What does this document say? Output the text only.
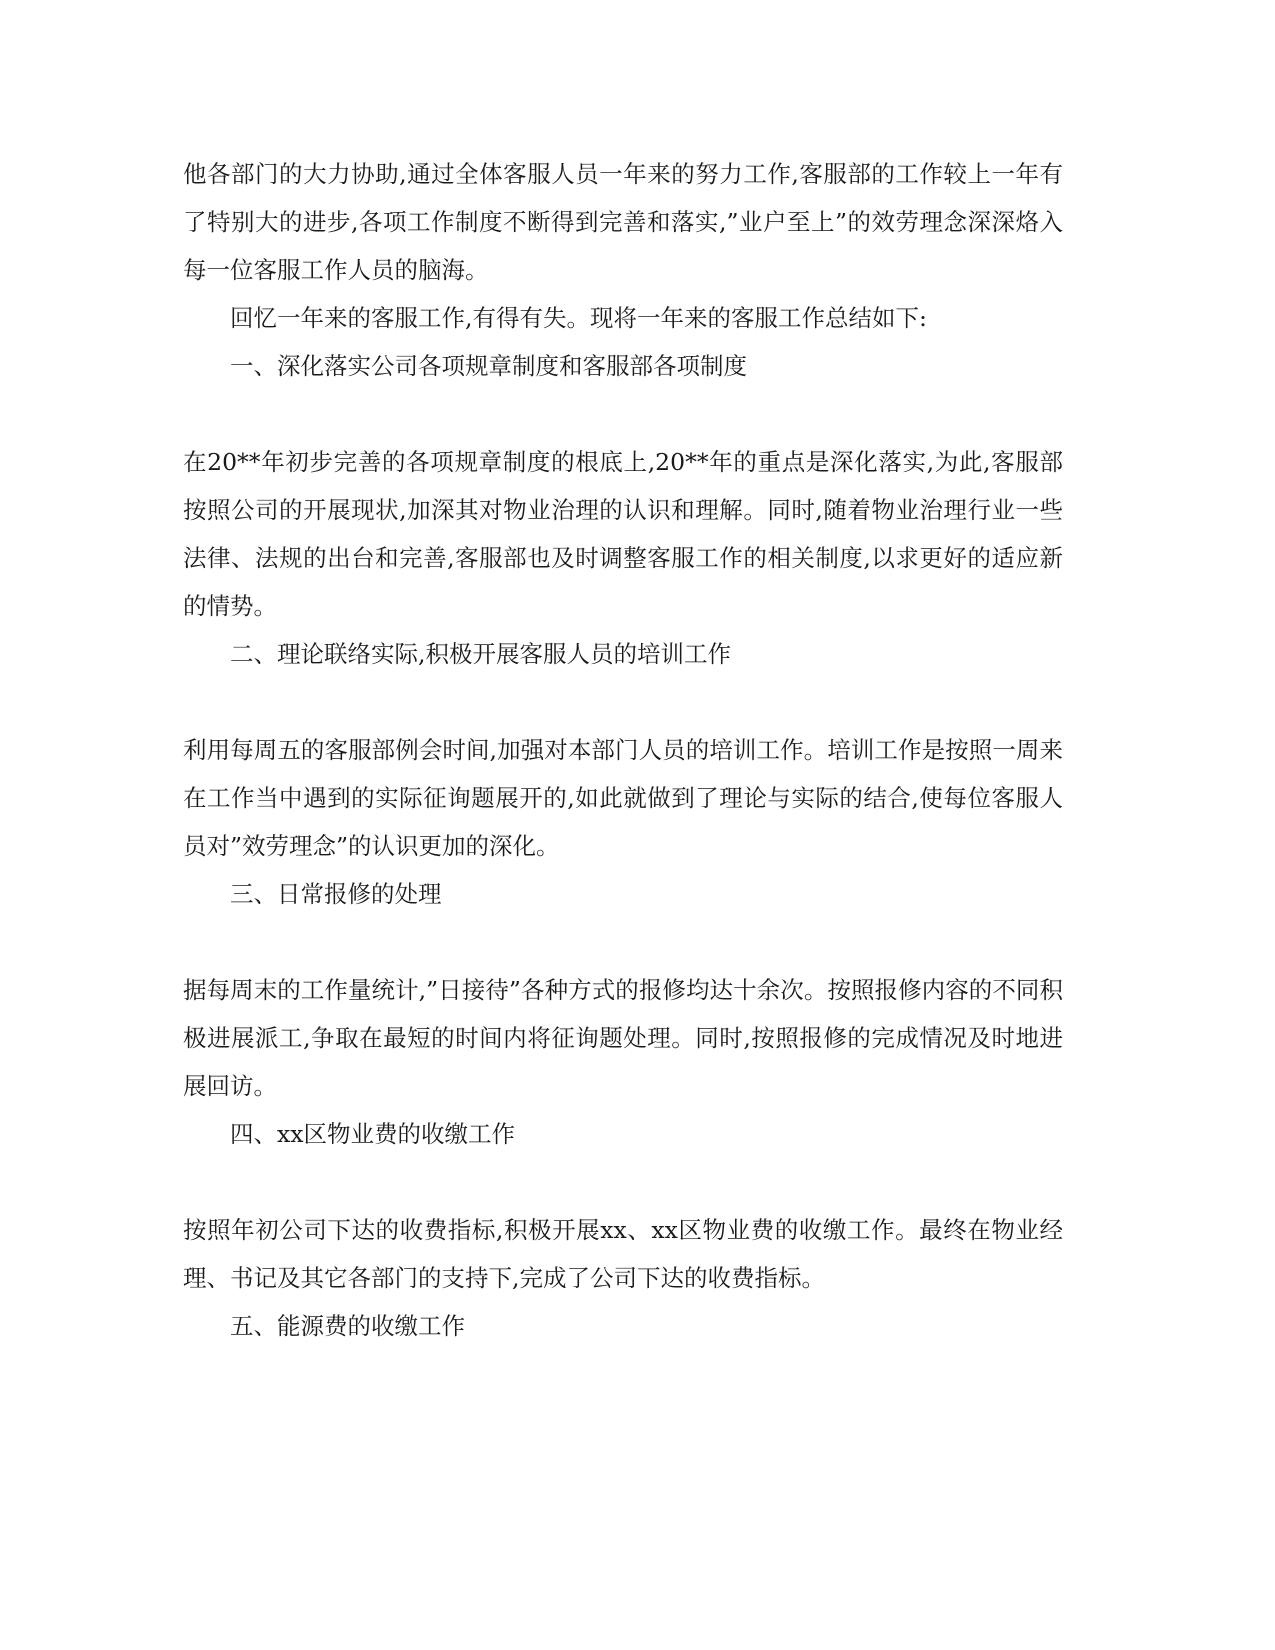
他各部门的大力协助,通过全体客服人员一年来的努力工作,客服部的工作较上一年有了特别大的进步,各项工作制度不断得到完善和落实,”业户至上”的效劳理念深深烙入每一位客服工作人员的脑海。

回忆一年来的客服工作,有得有失。现将一年来的客服工作总结如下:

一、深化落实公司各项规章制度和客服部各项制度

在20**年初步完善的各项规章制度的根底上,20**年的重点是深化落实,为此,客服部按照公司的开展现状,加深其对物业治理的认识和理解。同时,随着物业治理行业一些法律、法规的出台和完善,客服部也及时调整客服工作的相关制度,以求更好的适应新的情势。

二、理论联络实际,积极开展客服人员的培训工作

利用每周五的客服部例会时间,加强对本部门人员的培训工作。培训工作是按照一周来在工作当中遇到的实际征询题展开的,如此就做到了理论与实际的结合,使每位客服人员对”效劳理念”的认识更加的深化。

三、日常报修的处理

据每周末的工作量统计,”日接待”各种方式的报修均达十余次。按照报修内容的不同积极进展派工,争取在最短的时间内将征询题处理。同时,按照报修的完成情况及时地进展回访。

四、xx区物业费的收缴工作

按照年初公司下达的收费指标,积极开展xx、xx区物业费的收缴工作。最终在物业经理、书记及其它各部门的支持下,完成了公司下达的收费指标。

五、能源费的收缴工作
